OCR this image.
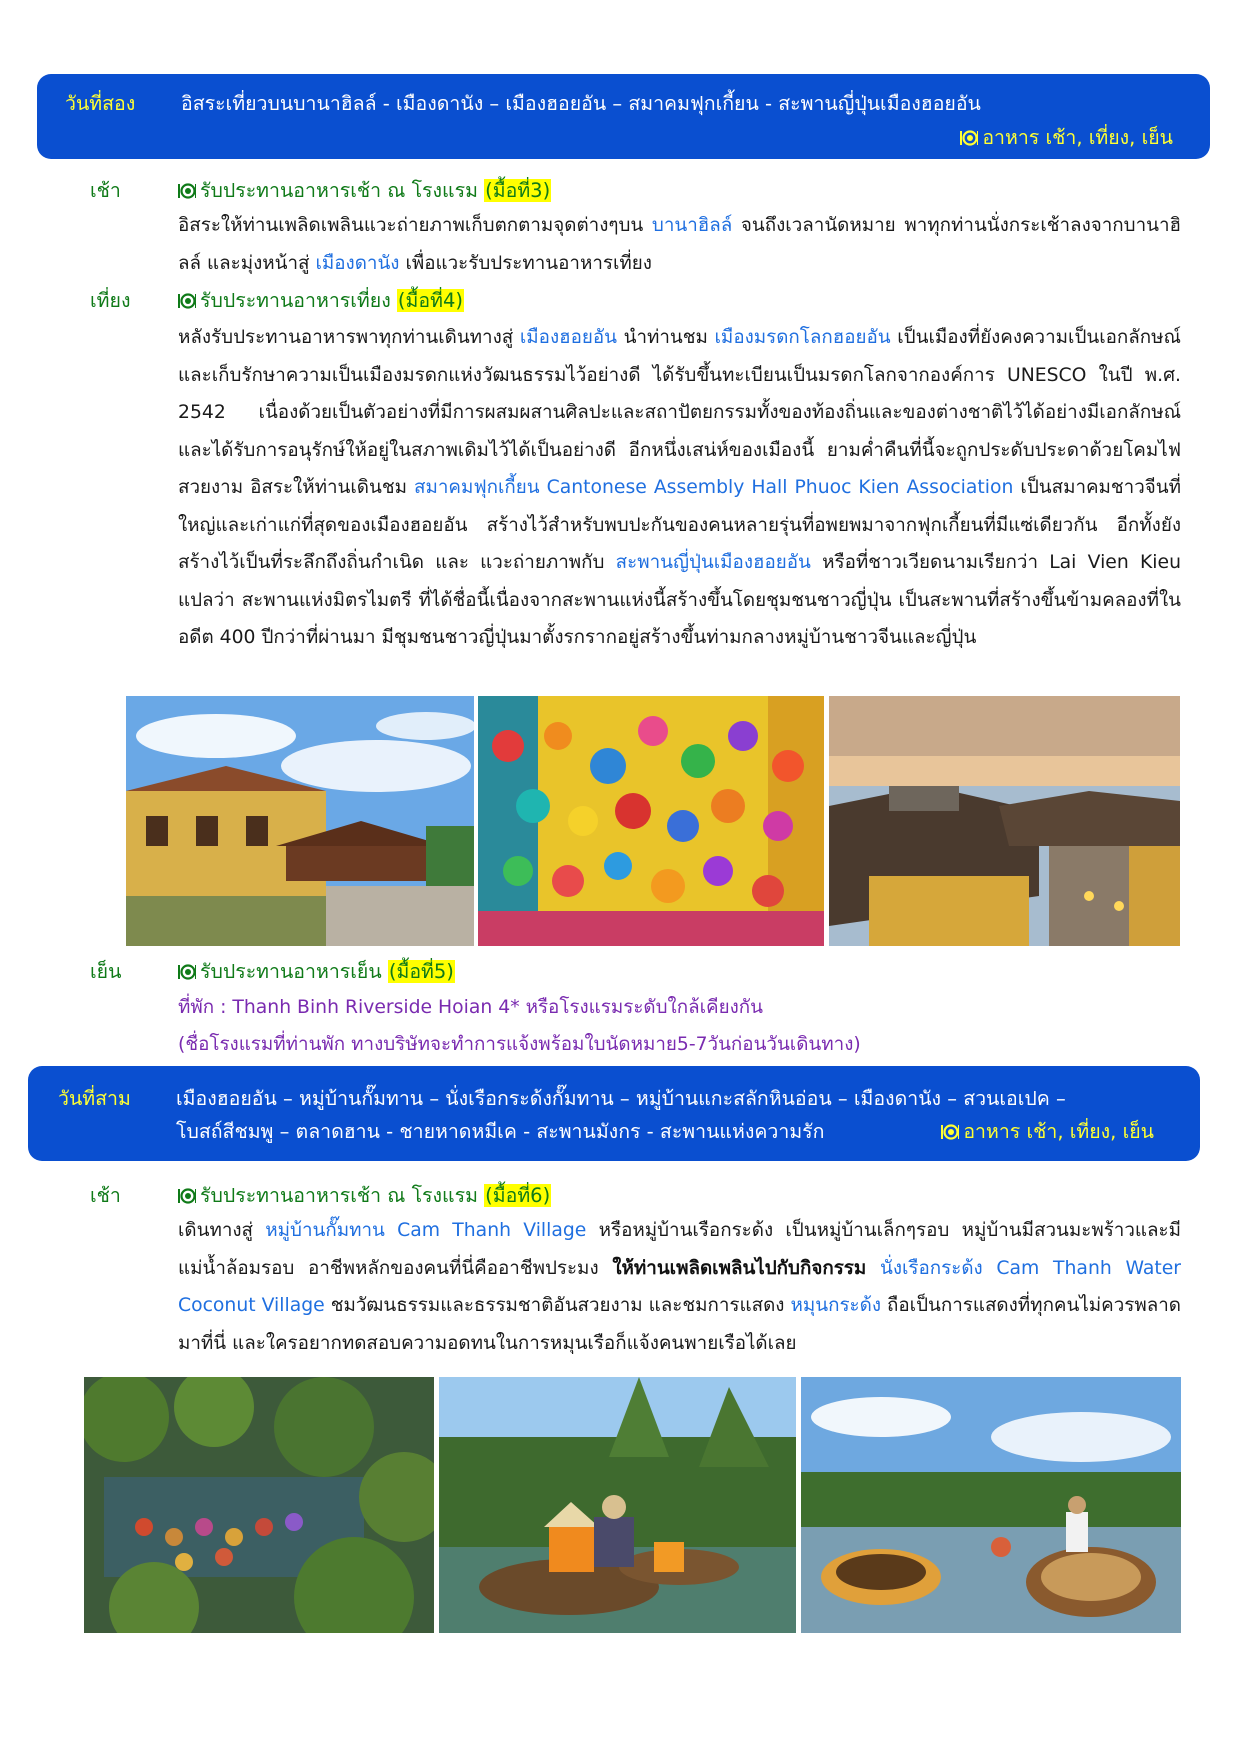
วันที่สอง อิสระเที่ยวบนบานาฮิลล์ - เมืองดานัง – เมืองฮอยอัน – สมาคมฟุกเกี้ยน - สะพานญี่ปุ่นเมืองฮอยอัน
อาหาร เช้า, เที่ยง, เย็น
เช้า	รับประทานอาหารเช้า ณ โรงแรม (มื้อที่3)
อิสระให้ท่านเพลิดเพลินแวะถ่ายภาพเก็บตกตามจุดต่างๆบน บานาฮิลล์ จนถึงเวลานัดหมาย พาทุกท่านนั่งกระเช้าลงจากบานาฮิลล์ และมุ่งหน้าสู่ เมืองดานัง เพื่อแวะรับประทานอาหารเที่ยง
เที่ยง	รับประทานอาหารเที่ยง (มื้อที่4)
หลังรับประทานอาหารพาทุกท่านเดินทางสู่ เมืองฮอยอัน นำท่านชม เมืองมรดกโลกฮอยอัน เป็นเมืองที่ยังคงความเป็นเอกลักษณ์และเก็บรักษาความเป็นเมืองมรดกแห่งวัฒนธรรมไว้อย่างดี ได้รับขึ้นทะเบียนเป็นมรดกโลกจากองค์การ UNESCO ในปี พ.ศ. 2542 เนื่องด้วยเป็นตัวอย่างที่มีการผสมผสานศิลปะและสถาปัตยกรรมทั้งของท้องถิ่นและของต่างชาติไว้ได้อย่างมีเอกลักษณ์ และได้รับการอนุรักษ์ให้อยู่ในสภาพเดิมไว้ได้เป็นอย่างดี อีกหนึ่งเสน่ห์ของเมืองนี้ ยามค่ำคืนที่นี้จะถูกประดับประดาด้วยโคมไฟสวยงาม อิสระให้ท่านเดินชม สมาคมฟุกเกี้ยน Cantonese Assembly Hall Phuoc Kien Association เป็นสมาคมชาวจีนที่ใหญ่และเก่าแก่ที่สุดของเมืองฮอยอัน สร้างไว้สำหรับพบปะกันของคนหลายรุ่นที่อพยพมาจากฟุกเกี้ยนที่มีแซ่เดียวกัน อีกทั้งยังสร้างไว้เป็นที่ระลึกถึงถิ่นกำเนิด และ แวะถ่ายภาพกับ สะพานญี่ปุ่นเมืองฮอยอัน หรือที่ชาวเวียดนามเรียกว่า Lai Vien Kieu แปลว่า สะพานแห่งมิตรไมตรี ที่ได้ชื่อนี้เนื่องจากสะพานแห่งนี้สร้างขึ้นโดยชุมชนชาวญี่ปุ่น เป็นสะพานที่สร้างขึ้นข้ามคลองที่ในอดีต 400 ปีกว่าที่ผ่านมา มีชุมชนชาวญี่ปุ่นมาตั้งรกรากอยู่สร้างขึ้นท่ามกลางหมู่บ้านชาวจีนและญี่ปุ่น
เย็น	รับประทานอาหารเย็น (มื้อที่5)
ที่พัก : Thanh Binh Riverside Hoian 4* หรือโรงแรมระดับใกล้เคียงกัน
(ชื่อโรงแรมที่ท่านพัก ทางบริษัทจะทำการแจ้งพร้อมใบนัดหมาย5-7วันก่อนวันเดินทาง)
วันที่สาม เมืองฮอยอัน – หมู่บ้านกั๊มทาน – นั่งเรือกระด้งกั๊มทาน – หมู่บ้านแกะสลักหินอ่อน – เมืองดานัง – สวนเอเปค –
โบสถ์สีชมพู – ตลาดฮาน - ชายหาดหมีเค - สะพานมังกร - สะพานแห่งความรัก	อาหาร เช้า, เที่ยง, เย็น
เช้า	รับประทานอาหารเช้า ณ โรงแรม (มื้อที่6)
เดินทางสู่ หมู่บ้านกั๊มทาน Cam Thanh Village หรือหมู่บ้านเรือกระด้ง เป็นหมู่บ้านเล็กๆรอบ หมู่บ้านมีสวนมะพร้าวและมีแม่น้ำล้อมรอบ อาชีพหลักของคนที่นี่คืออาชีพประมง ให้ท่านเพลิดเพลินไปกับกิจกรรม นั่งเรือกระด้ง Cam Thanh Water Coconut Village ชมวัฒนธรรมและธรรมชาติอันสวยงาม และชมการแสดง หมุนกระด้ง ถือเป็นการแสดงที่ทุกคนไม่ควรพลาดมาที่นี่ และใครอยากทดสอบความอดทนในการหมุนเรือก็แจ้งคนพายเรือได้เลย
